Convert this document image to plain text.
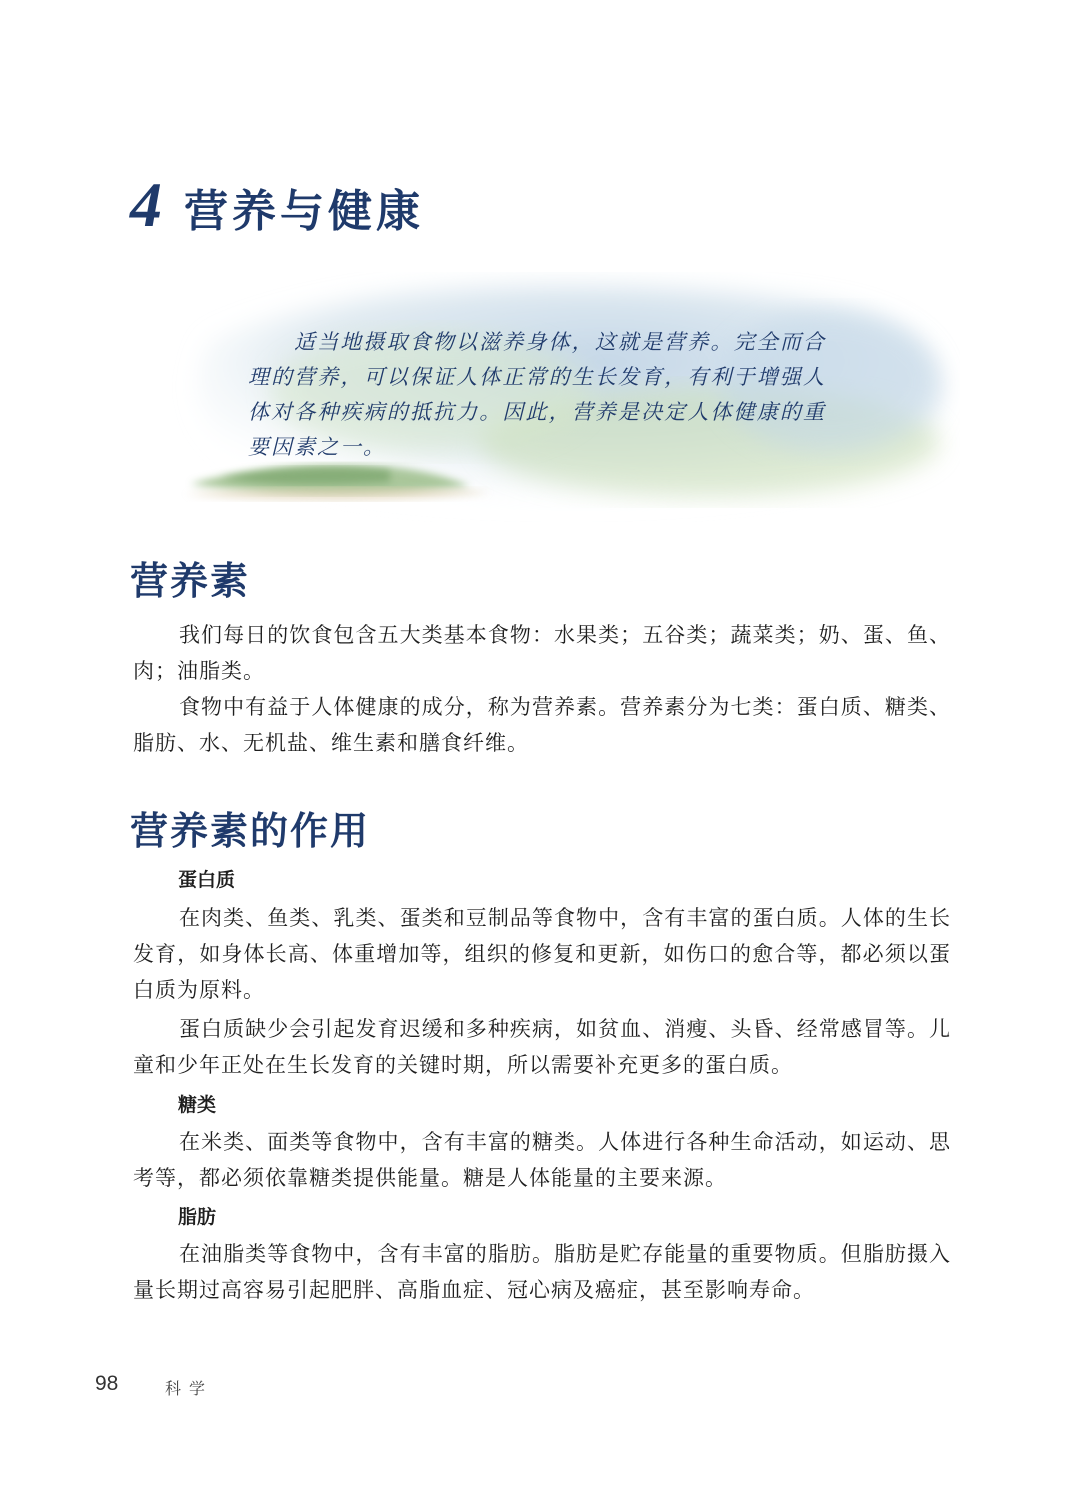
4 营养与健康
适当地摄取食物以滋养身体，这就是营养。完全而合理的营养，可以保证人体正常的生长发育，有利于增强人体对各种疾病的抵抗力。因此，营养是决定人体健康的重要因素之一。
营养素
我们每日的饮食包含五大类基本食物：水果类；五谷类；蔬菜类；奶、蛋、鱼、肉；油脂类。
食物中有益于人体健康的成分，称为营养素。营养素分为七类：蛋白质、糖类、脂肪、水、无机盐、维生素和膳食纤维。
营养素的作用
蛋白质
在肉类、鱼类、乳类、蛋类和豆制品等食物中，含有丰富的蛋白质。人体的生长发育，如身体长高、体重增加等，组织的修复和更新，如伤口的愈合等，都必须以蛋白质为原料。
蛋白质缺少会引起发育迟缓和多种疾病，如贫血、消瘦、头昏、经常感冒等。儿童和少年正处在生长发育的关键时期，所以需要补充更多的蛋白质。
糖类
在米类、面类等食物中，含有丰富的糖类。人体进行各种生命活动，如运动、思考等，都必须依靠糖类提供能量。糖是人体能量的主要来源。
脂肪
在油脂类等食物中，含有丰富的脂肪。脂肪是贮存能量的重要物质。但脂肪摄入量长期过高容易引起肥胖、高脂血症、冠心病及癌症，甚至影响寿命。
98	科学
